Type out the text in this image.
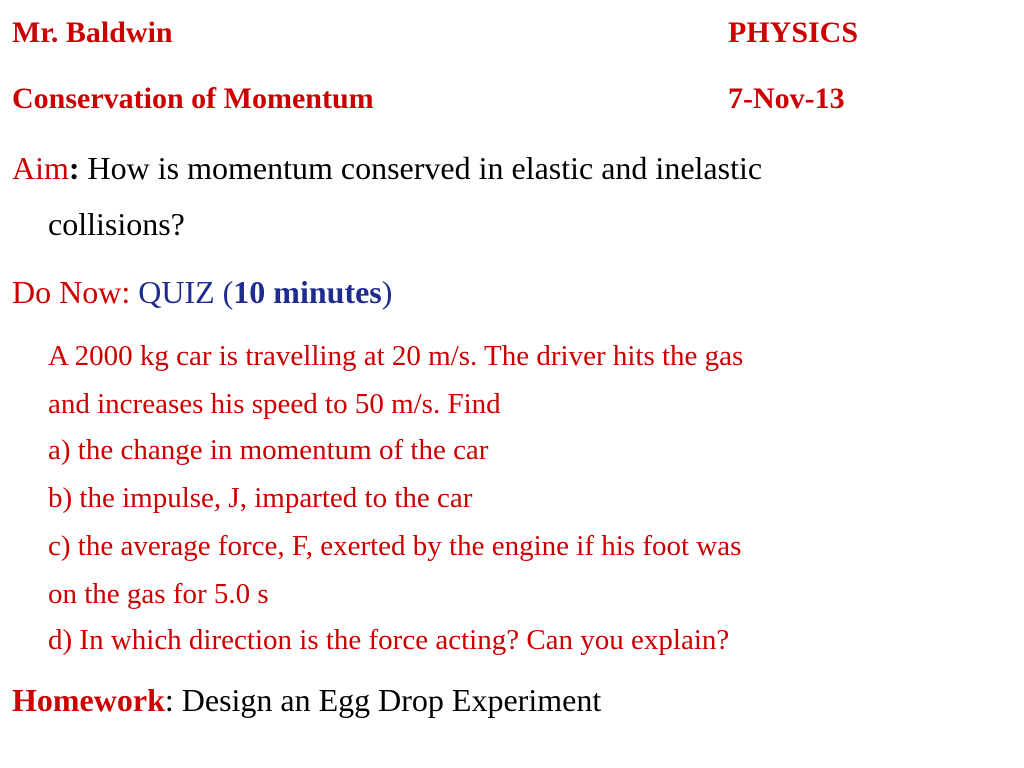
Mr. Baldwin	PHYSICS
Conservation of Momentum	7-Nov-13
Aim: How is momentum conserved in elastic and inelastic
collisions?
Do Now: QUIZ (10 minutes)
A 2000 kg car is travelling at 20 m/s. The driver hits the gas
and increases his speed to 50 m/s. Find
a) the change in momentum of the car
b) the impulse, J, imparted to the car
c) the average force, F, exerted by the engine if his foot was
on the gas for 5.0 s
d) In which direction is the force acting? Can you explain?
Homework: Design an Egg Drop Experiment
